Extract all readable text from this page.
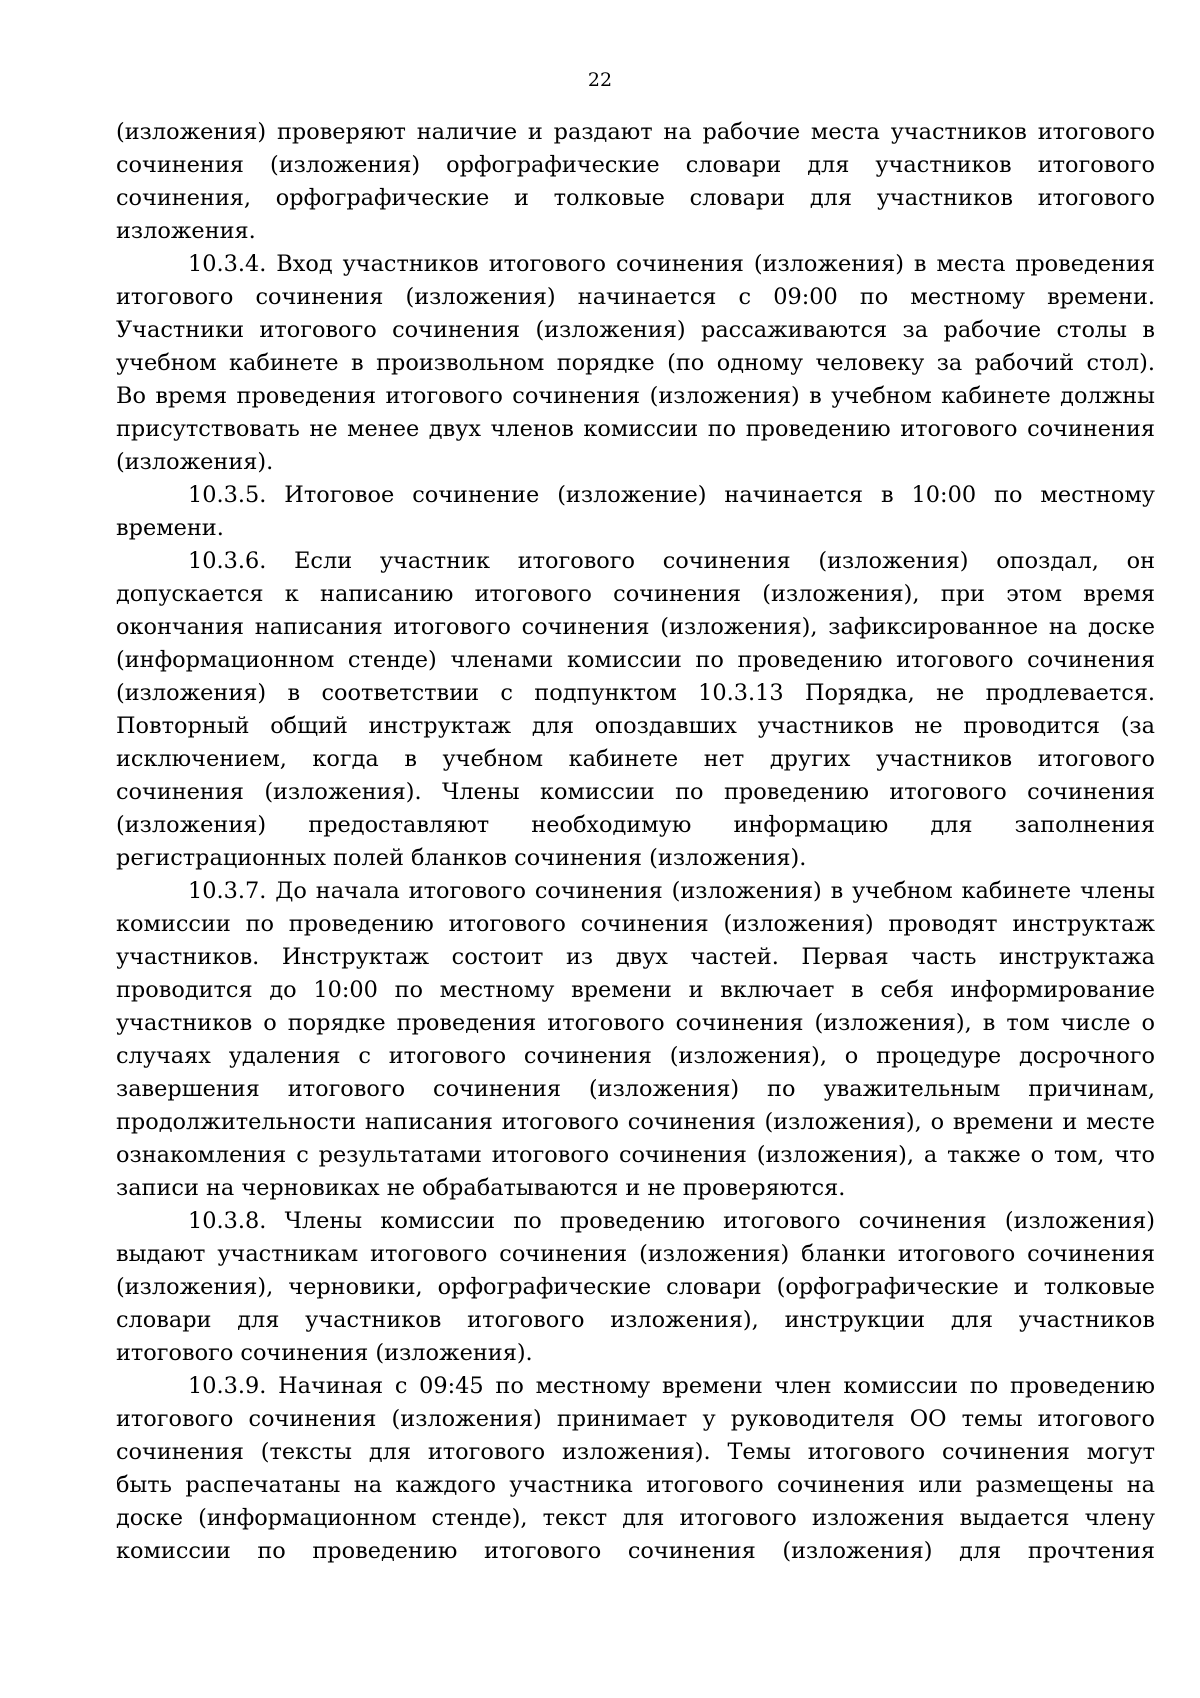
22
(изложения) проверяют наличие и раздают на рабочие места участников итогового
сочинения (изложения) орфографические словари для участников итогового
сочинения, орфографические и толковые словари для участников итогового
изложения.
10.3.4. Вход участников итогового сочинения (изложения) в места проведения
итогового сочинения (изложения) начинается с 09:00 по местному времени.
Участники итогового сочинения (изложения) рассаживаются за рабочие столы в
учебном кабинете в произвольном порядке (по одному человеку за рабочий стол).
Во время проведения итогового сочинения (изложения) в учебном кабинете должны
присутствовать не менее двух членов комиссии по проведению итогового сочинения
(изложения).
10.3.5. Итоговое сочинение (изложение) начинается в 10:00 по местному
времени.
10.3.6. Если участник итогового сочинения (изложения) опоздал, он
допускается к написанию итогового сочинения (изложения), при этом время
окончания написания итогового сочинения (изложения), зафиксированное на доске
(информационном стенде) членами комиссии по проведению итогового сочинения
(изложения) в соответствии с подпунктом 10.3.13 Порядка, не продлевается.
Повторный общий инструктаж для опоздавших участников не проводится (за
исключением, когда в учебном кабинете нет других участников итогового
сочинения (изложения). Члены комиссии по проведению итогового сочинения
(изложения) предоставляют необходимую информацию для заполнения
регистрационных полей бланков сочинения (изложения).
10.3.7. До начала итогового сочинения (изложения) в учебном кабинете члены
комиссии по проведению итогового сочинения (изложения) проводят инструктаж
участников. Инструктаж состоит из двух частей. Первая часть инструктажа
проводится до 10:00 по местному времени и включает в себя информирование
участников о порядке проведения итогового сочинения (изложения), в том числе о
случаях удаления с итогового сочинения (изложения), о процедуре досрочного
завершения итогового сочинения (изложения) по уважительным причинам,
продолжительности написания итогового сочинения (изложения), о времени и месте
ознакомления с результатами итогового сочинения (изложения), а также о том, что
записи на черновиках не обрабатываются и не проверяются.
10.3.8. Члены комиссии по проведению итогового сочинения (изложения)
выдают участникам итогового сочинения (изложения) бланки итогового сочинения
(изложения), черновики, орфографические словари (орфографические и толковые
словари для участников итогового изложения), инструкции для участников
итогового сочинения (изложения).
10.3.9. Начиная с 09:45 по местному времени член комиссии по проведению
итогового сочинения (изложения) принимает у руководителя ОО темы итогового
сочинения (тексты для итогового изложения). Темы итогового сочинения могут
быть распечатаны на каждого участника итогового сочинения или размещены на
доске (информационном стенде), текст для итогового изложения выдается члену
комиссии по проведению итогового сочинения (изложения) для прочтения
